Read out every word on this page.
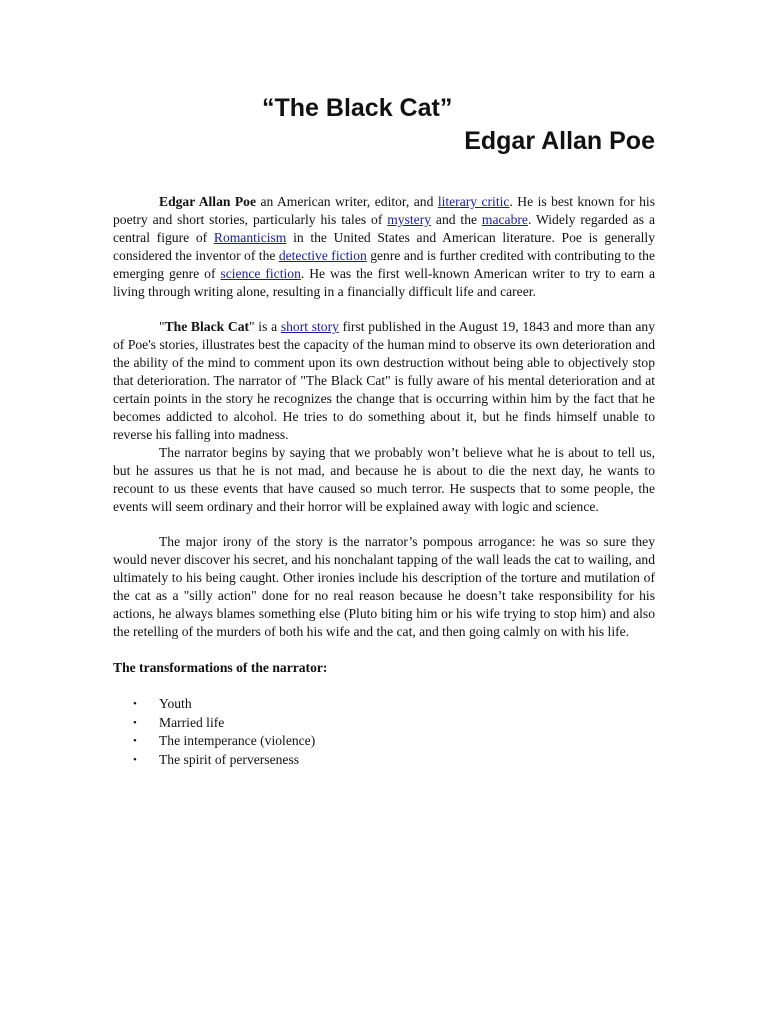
“The Black Cat”
Edgar Allan Poe

Edgar Allan Poe an American writer, editor, and literary critic. He is best known for his poetry and short stories, particularly his tales of mystery and the macabre. Widely regarded as a central figure of Romanticism in the United States and American literature. Poe is generally considered the inventor of the detective fiction genre and is further credited with contributing to the emerging genre of science fiction. He was the first well-known American writer to try to earn a living through writing alone, resulting in a financially difficult life and career.

"The Black Cat" is a short story first published in the August 19, 1843 and more than any of Poe's stories, illustrates best the capacity of the human mind to observe its own deterioration and the ability of the mind to comment upon its own destruction without being able to objectively stop that deterioration. The narrator of "The Black Cat" is fully aware of his mental deterioration and at certain points in the story he recognizes the change that is occurring within him by the fact that he becomes addicted to alcohol. He tries to do something about it, but he finds himself unable to reverse his falling into madness.

The narrator begins by saying that we probably won’t believe what he is about to tell us, but he assures us that he is not mad, and because he is about to die the next day, he wants to recount to us these events that have caused so much terror. He suspects that to some people, the events will seem ordinary and their horror will be explained away with logic and science.

The major irony of the story is the narrator’s pompous arrogance: he was so sure they would never discover his secret, and his nonchalant tapping of the wall leads the cat to wailing, and ultimately to his being caught. Other ironies include his description of the torture and mutilation of the cat as a "silly action" done for no real reason because he doesn’t take responsibility for his actions, he always blames something else (Pluto biting him or his wife trying to stop him) and also the retelling of the murders of both his wife and the cat, and then going calmly on with his life.

The transformations of the narrator:
• Youth
• Married life
• The intemperance (violence)
• The spirit of perverseness
